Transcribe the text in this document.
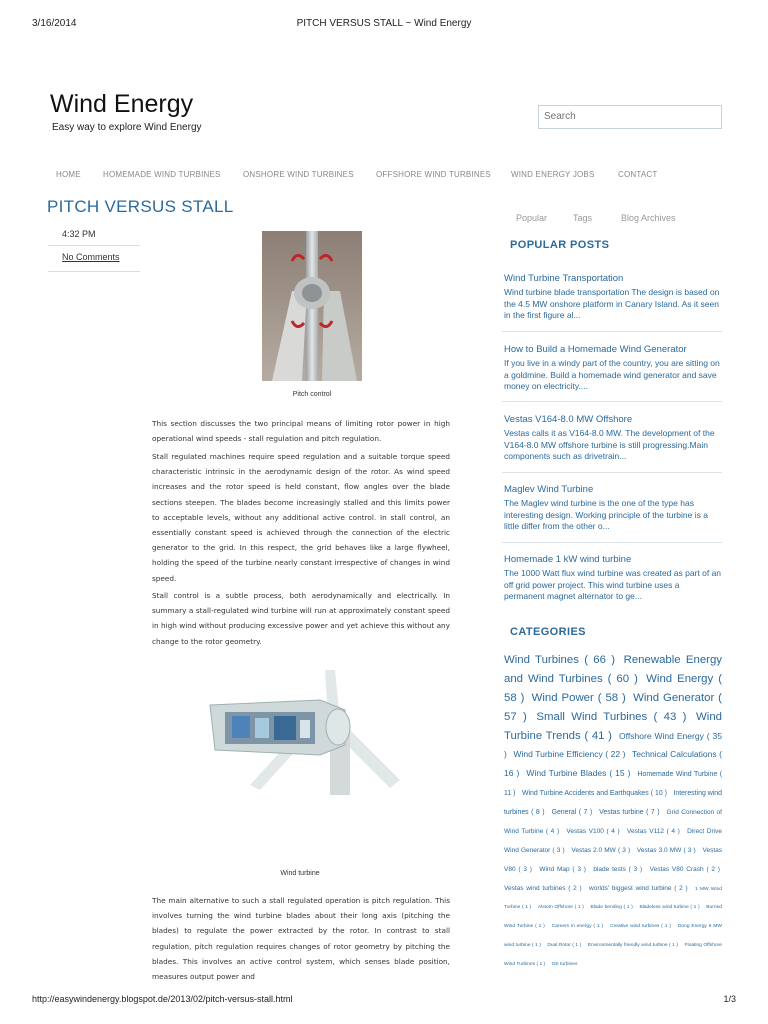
3/16/2014	PITCH VERSUS STALL ~ Wind Energy
Wind Energy
Easy way to explore Wind Energy
Search
HOME	HOMEMADE WIND TURBINES	ONSHORE WIND TURBINES	OFFSHORE WIND TURBINES	WIND ENERGY JOBS	CONTACT
PITCH VERSUS STALL
4:32 PM
No Comments
Pitch control

This section discusses the two principal means of limiting rotor power in high operational wind speeds - stall regulation and pitch regulation.

Stall regulated machines require speed regulation and a suitable torque speed characteristic intrinsic in the aerodynamic design of the rotor. As wind speed increases and the rotor speed is held constant, flow angles over the blade sections steepen. The blades become increasingly stalled and this limits power to acceptable levels, without any additional active control. In stall control, an essentially constant speed is achieved through the connection of the electric generator to the grid. In this respect, the grid behaves like a large flywheel, holding the speed of the turbine nearly constant irrespective of changes in wind speed.

Stall control is a subtle process, both aerodynamically and electrically. In summary a stall-regulated wind turbine will run at approximately constant speed in high wind without producing excessive power and yet achieve this without any change to the rotor geometry.

Wind turbine

The main alternative to such a stall regulated operation is pitch regulation. This involves turning the wind turbine blades about their long axis (pitching the blades) to regulate the power extracted by the rotor. In contrast to stall regulation, pitch regulation requires changes of rotor geometry by pitching the blades. This involves an active control system, which senses blade position, measures output power and

Popular	Tags	Blog Archives
POPULAR POSTS
Wind Turbine Transportation

Wind turbine blade transportation The design is based on the 4.5 MW onshore platform in Canary Island. As it seen in the first figure al...

How to Build a Homemade Wind Generator

If you live in a windy part of the country, you are sitting on a goldmine. Build a homemade wind generator and save money on electricity....

Vestas V164-8.0 MW Offshore

Vestas calls it as V164-8.0 MW. The development of the V164-8.0 MW offshore turbine is still progressing.Main components such as drivetrain...

Maglev Wind Turbine

The Maglev wind turbine is the one of the type has interesting design. Working principle of the turbine is a little differ from the other o...

Homemade 1 kW wind turbine

The 1000 Watt flux wind turbine was created as part of an off grid power project. This wind turbine uses a permanent magnet alternator to ge...

CATEGORIES
Wind Turbines ( 66 ) Renewable Energy and Wind Turbines ( 60 ) Wind Energy ( 58 ) Wind Power ( 58 ) Wind Generator ( 57 ) Small Wind Turbines ( 43 ) Wind Turbine Trends ( 41 ) Offshore Wind Energy ( 35 ) Wind Turbine Efficiency ( 22 ) Technical Calculations ( 16 ) Wind Turbine Blades ( 15 ) Homemade Wind Turbine ( 11 ) Wind Turbine Accidents and Earthquakes ( 10 ) Interesting wind turbines ( 8 ) General ( 7 ) Vestas turbine ( 7 ) Grid Connection of Wind Turbine ( 4 ) Vestas V100 ( 4 ) Vestas V112 ( 4 ) Direct Drive Wind Generator ( 3 ) Vestas 2.0 MW ( 3 ) Vestas 3.0 MW ( 3 ) Vestas V80 ( 3 ) Wind Map ( 3 ) blade tests ( 3 ) Vestas V80 Crash ( 2 ) Vestas wind turbines ( 2 ) worlds' biggest wind turbine ( 2 ) 1 MW Wind Turbine ( 1 ) Alstom Offshore ( 1 ) Blade bending ( 1 ) Bladeless wind turbine ( 1 ) Burned Wind Turbine ( 1 ) Careers in energy ( 1 ) Creative wind turbines ( 1 ) Dong Energy 6 MW wind turbine ( 1 ) Dual Rotor ( 1 ) Environmentally friendly wind turbine ( 1 ) Floating Offshore Wind Turbines ( 1 ) GE turbines
http://easywindenergy.blogspot.de/2013/02/pitch-versus-stall.html	1/3
